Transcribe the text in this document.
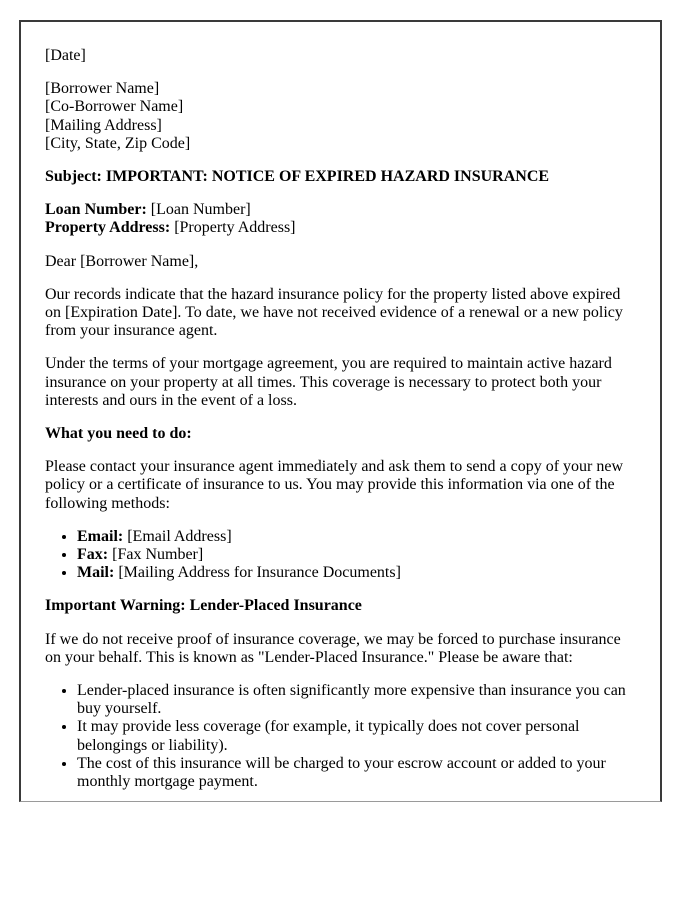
[Date]

[Borrower Name]
[Co-Borrower Name]
[Mailing Address]
[City, State, Zip Code]

Subject: IMPORTANT: NOTICE OF EXPIRED HAZARD INSURANCE

Loan Number: [Loan Number]
Property Address: [Property Address]

Dear [Borrower Name],

Our records indicate that the hazard insurance policy for the property listed above expired on [Expiration Date]. To date, we have not received evidence of a renewal or a new policy from your insurance agent.

Under the terms of your mortgage agreement, you are required to maintain active hazard insurance on your property at all times. This coverage is necessary to protect both your interests and ours in the event of a loss.

What you need to do:

Please contact your insurance agent immediately and ask them to send a copy of your new policy or a certificate of insurance to us. You may provide this information via one of the following methods:

• Email: [Email Address]
• Fax: [Fax Number]
• Mail: [Mailing Address for Insurance Documents]

Important Warning: Lender-Placed Insurance

If we do not receive proof of insurance coverage, we may be forced to purchase insurance on your behalf. This is known as "Lender-Placed Insurance." Please be aware that:

• Lender-placed insurance is often significantly more expensive than insurance you can buy yourself.
• It may provide less coverage (for example, it typically does not cover personal belongings or liability).
• The cost of this insurance will be charged to your escrow account or added to your monthly mortgage payment.
